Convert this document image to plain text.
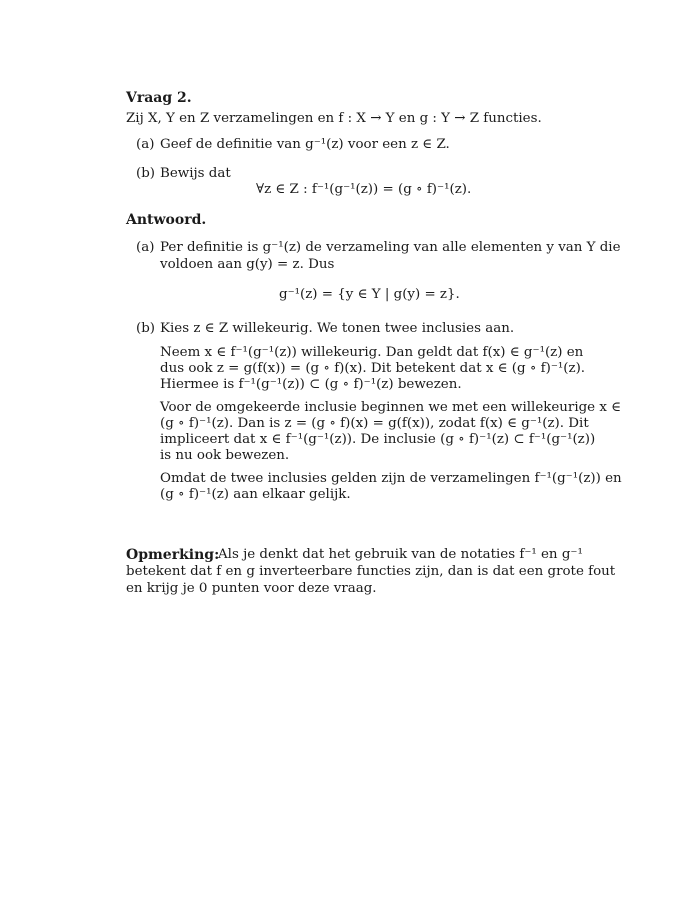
Vraag 2.
Zij X, Y en Z verzamelingen en f : X → Y en g : Y → Z functies.
(a) Geef de definitie van g⁻¹(z) voor een z ∈ Z.
(b) Bewijs dat
∀z ∈ Z : f⁻¹(g⁻¹(z)) = (g ∘ f)⁻¹(z).
Antwoord.
(a) Per definitie is g⁻¹(z) de verzameling van alle elementen y van Y die
voldoen aan g(y) = z. Dus
g⁻¹(z) = {y ∈ Y | g(y) = z}.
(b) Kies z ∈ Z willekeurig. We tonen twee inclusies aan.
Neem x ∈ f⁻¹(g⁻¹(z)) willekeurig. Dan geldt dat f(x) ∈ g⁻¹(z) en
dus ook z = g(f(x)) = (g ∘ f)(x). Dit betekent dat x ∈ (g ∘ f)⁻¹(z).
Hiermee is f⁻¹(g⁻¹(z)) ⊂ (g ∘ f)⁻¹(z) bewezen.
Voor de omgekeerde inclusie beginnen we met een willekeurige x ∈
(g ∘ f)⁻¹(z). Dan is z = (g ∘ f)(x) = g(f(x)), zodat f(x) ∈ g⁻¹(z). Dit
impliceert dat x ∈ f⁻¹(g⁻¹(z)). De inclusie (g ∘ f)⁻¹(z) ⊂ f⁻¹(g⁻¹(z))
is nu ook bewezen.
Omdat de twee inclusies gelden zijn de verzamelingen f⁻¹(g⁻¹(z)) en
(g ∘ f)⁻¹(z) aan elkaar gelijk.
Opmerking:
Als je denkt dat het gebruik van de notaties f⁻¹ en g⁻¹
betekent dat f en g inverteerbare functies zijn, dan is dat een grote fout
en krijg je 0 punten voor deze vraag.
